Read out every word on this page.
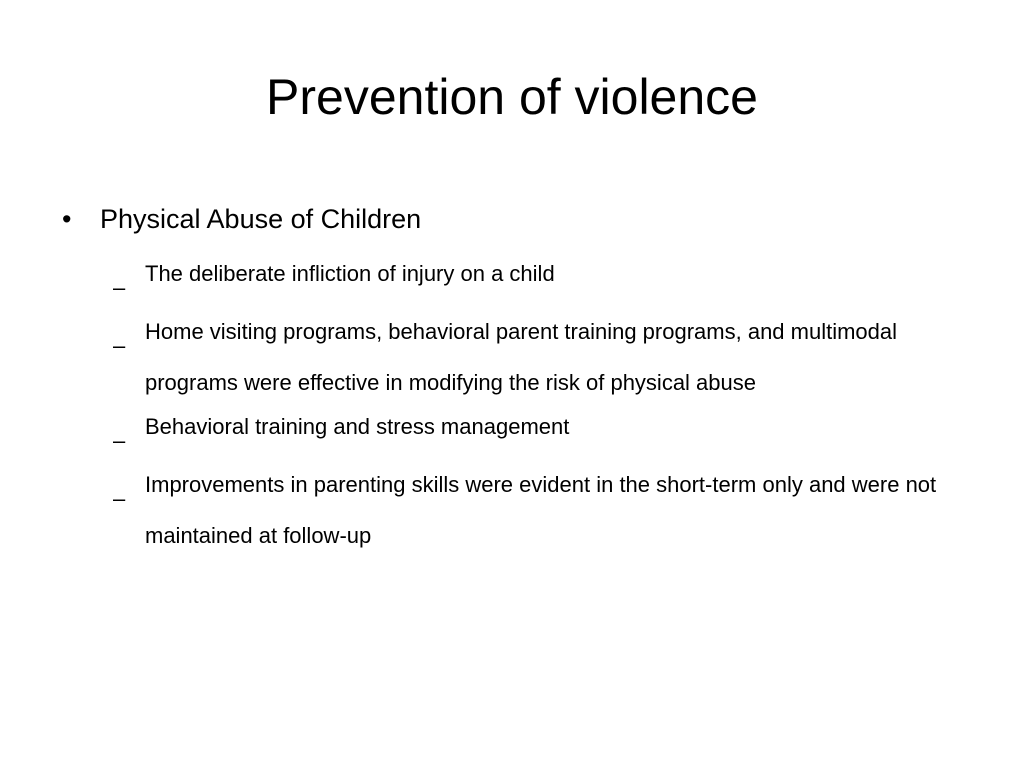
Prevention of violence
•	Physical Abuse of Children
–
The deliberate infliction of injury on a child
–
Home visiting programs, behavioral parent training programs, and multimodal programs were effective in modifying the risk of physical abuse
–
Behavioral training and stress management
–
Improvements in parenting skills were evident in the short-term only and were not maintained at follow-up
